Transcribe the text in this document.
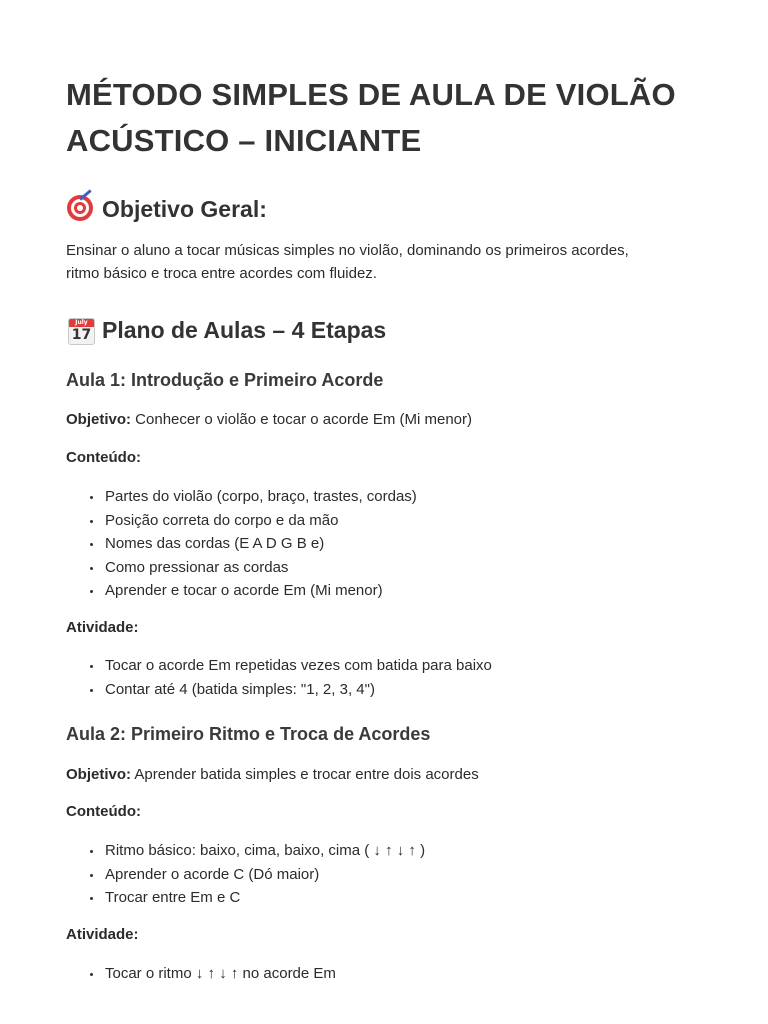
MÉTODO SIMPLES DE AULA DE VIOLÃO
ACÚSTICO – INICIANTE
Objetivo Geral:

Ensinar o aluno a tocar músicas simples no violão, dominando os primeiros acordes,

ritmo básico e troca entre acordes com fluidez.

July
17 Plano de Aulas – 4 Etapas
Aula 1: Introdução e Primeiro Acorde
Objetivo: Conhecer o violão e tocar o acorde Em (Mi menor)
Conteúdo:
Partes do violão (corpo, braço, trastes, cordas)
Posição correta do corpo e da mão
Nomes das cordas (E A D G B e)
Como pressionar as cordas
Aprender e tocar o acorde Em (Mi menor)
Atividade:
Tocar o acorde Em repetidas vezes com batida para baixo
Contar até 4 (batida simples: "1, 2, 3, 4")
Aula 2: Primeiro Ritmo e Troca de Acordes
Objetivo: Aprender batida simples e trocar entre dois acordes
Conteúdo:
Ritmo básico: baixo, cima, baixo, cima ( ↓ ↑ ↓ ↑ )
Aprender o acorde C (Dó maior)
Trocar entre Em e C
Atividade:
Tocar o ritmo ↓ ↑ ↓ ↑ no acorde Em
